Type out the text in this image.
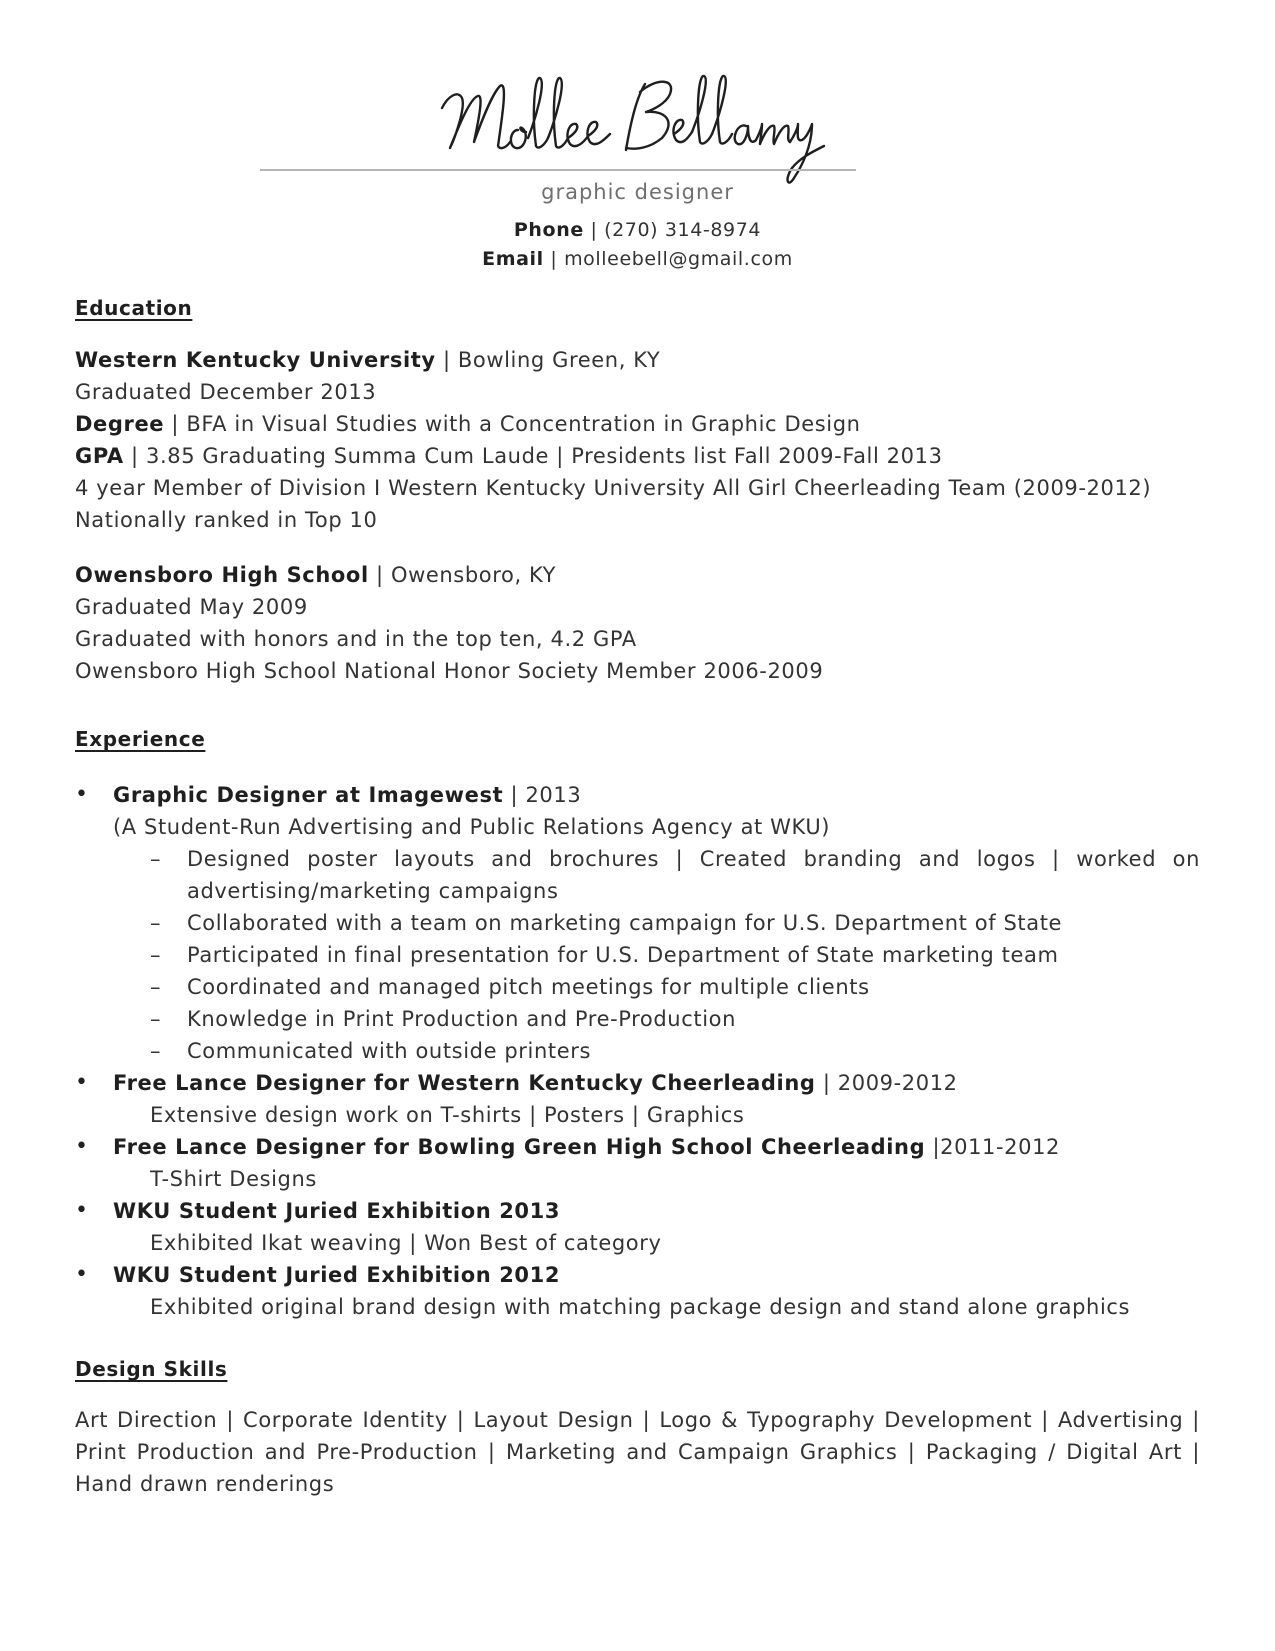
graphic designer
Phone | (270) 314-8974
Email | molleebell@gmail.com
Education
Western Kentucky University | Bowling Green, KY
Graduated December 2013
Degree | BFA in Visual Studies with a Concentration in Graphic Design
GPA | 3.85 Graduating Summa Cum Laude | Presidents list Fall 2009-Fall 2013
4 year Member of Division I Western Kentucky University All Girl Cheerleading Team (2009-2012)
Nationally ranked in Top 10
Owensboro High School | Owensboro, KY
Graduated May 2009
Graduated with honors and in the top ten, 4.2 GPA
Owensboro High School National Honor Society Member 2006-2009
Experience
• Graphic Designer at Imagewest | 2013
(A Student-Run Advertising and Public Relations Agency at WKU)
– Designed poster layouts and brochures | Created branding and logos | worked on advertising/marketing campaigns
– Collaborated with a team on marketing campaign for U.S. Department of State
– Participated in final presentation for U.S. Department of State marketing team
– Coordinated and managed pitch meetings for multiple clients
– Knowledge in Print Production and Pre-Production
– Communicated with outside printers
• Free Lance Designer for Western Kentucky Cheerleading | 2009-2012
Extensive design work on T-shirts | Posters | Graphics
• Free Lance Designer for Bowling Green High School Cheerleading |2011-2012
T-Shirt Designs
• WKU Student Juried Exhibition 2013
Exhibited Ikat weaving | Won Best of category
• WKU Student Juried Exhibition 2012
Exhibited original brand design with matching package design and stand alone graphics
Design Skills
Art Direction | Corporate Identity | Layout Design | Logo & Typography Development | Advertising | Print Production and Pre-Production | Marketing and Campaign Graphics | Packaging / Digital Art | Hand drawn renderings
